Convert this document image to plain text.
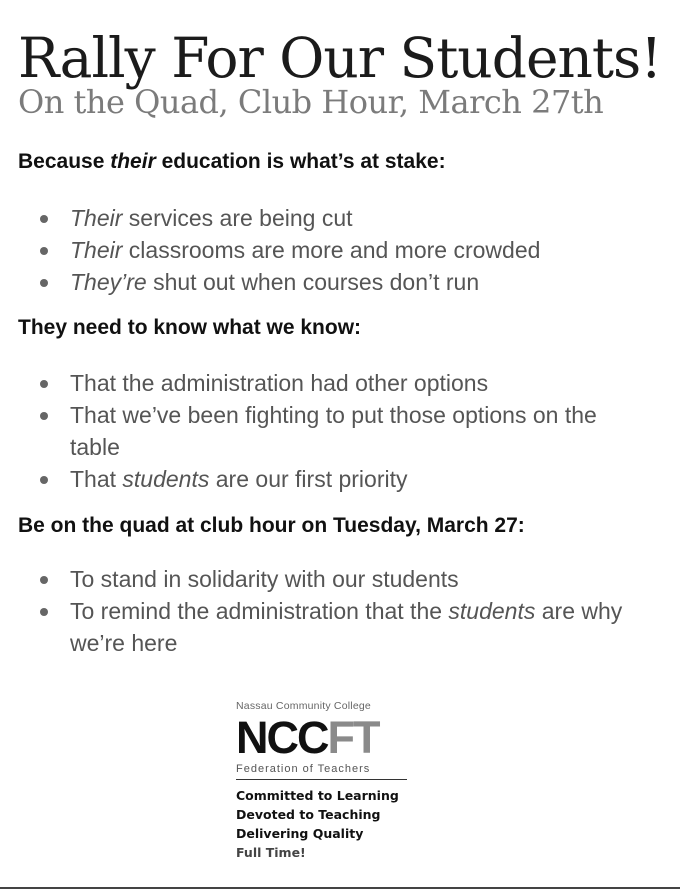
Rally For Our Students!
On the Quad, Club Hour, March 27th
Because their education is what’s at stake:
Their services are being cut
Their classrooms are more and more crowded
They’re shut out when courses don’t run
They need to know what we know:
That the administration had other options
That we’ve been fighting to put those options on the table
That students are our first priority
Be on the quad at club hour on Tuesday, March 27:
To stand in solidarity with our students
To remind the administration that the students are why we’re here
Nassau Community College
NCCFT
Federation of Teachers
Committed to Learning
Devoted to Teaching
Delivering Quality
Full Time!
